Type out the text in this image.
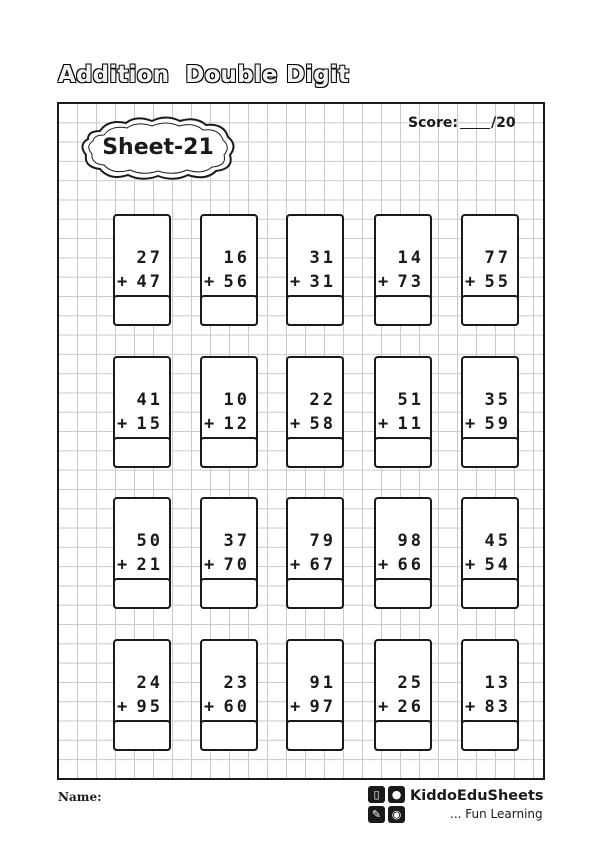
Addition Double Digit
Sheet-21
Score: /20
27
+ 47
16
+ 56
31
+ 31
14
+ 73
77
+ 55
41
+ 15
10
+ 12
22
+ 58
51
+ 11
35
+ 59
50
+ 21
37
+ 70
79
+ 67
98
+ 66
45
+ 54
24
+ 95
23
+ 60
91
+ 97
25
+ 26
13
+ 83
Name:	▯	●
✎ ◉
KiddoEduSheets
... Fun Learning
